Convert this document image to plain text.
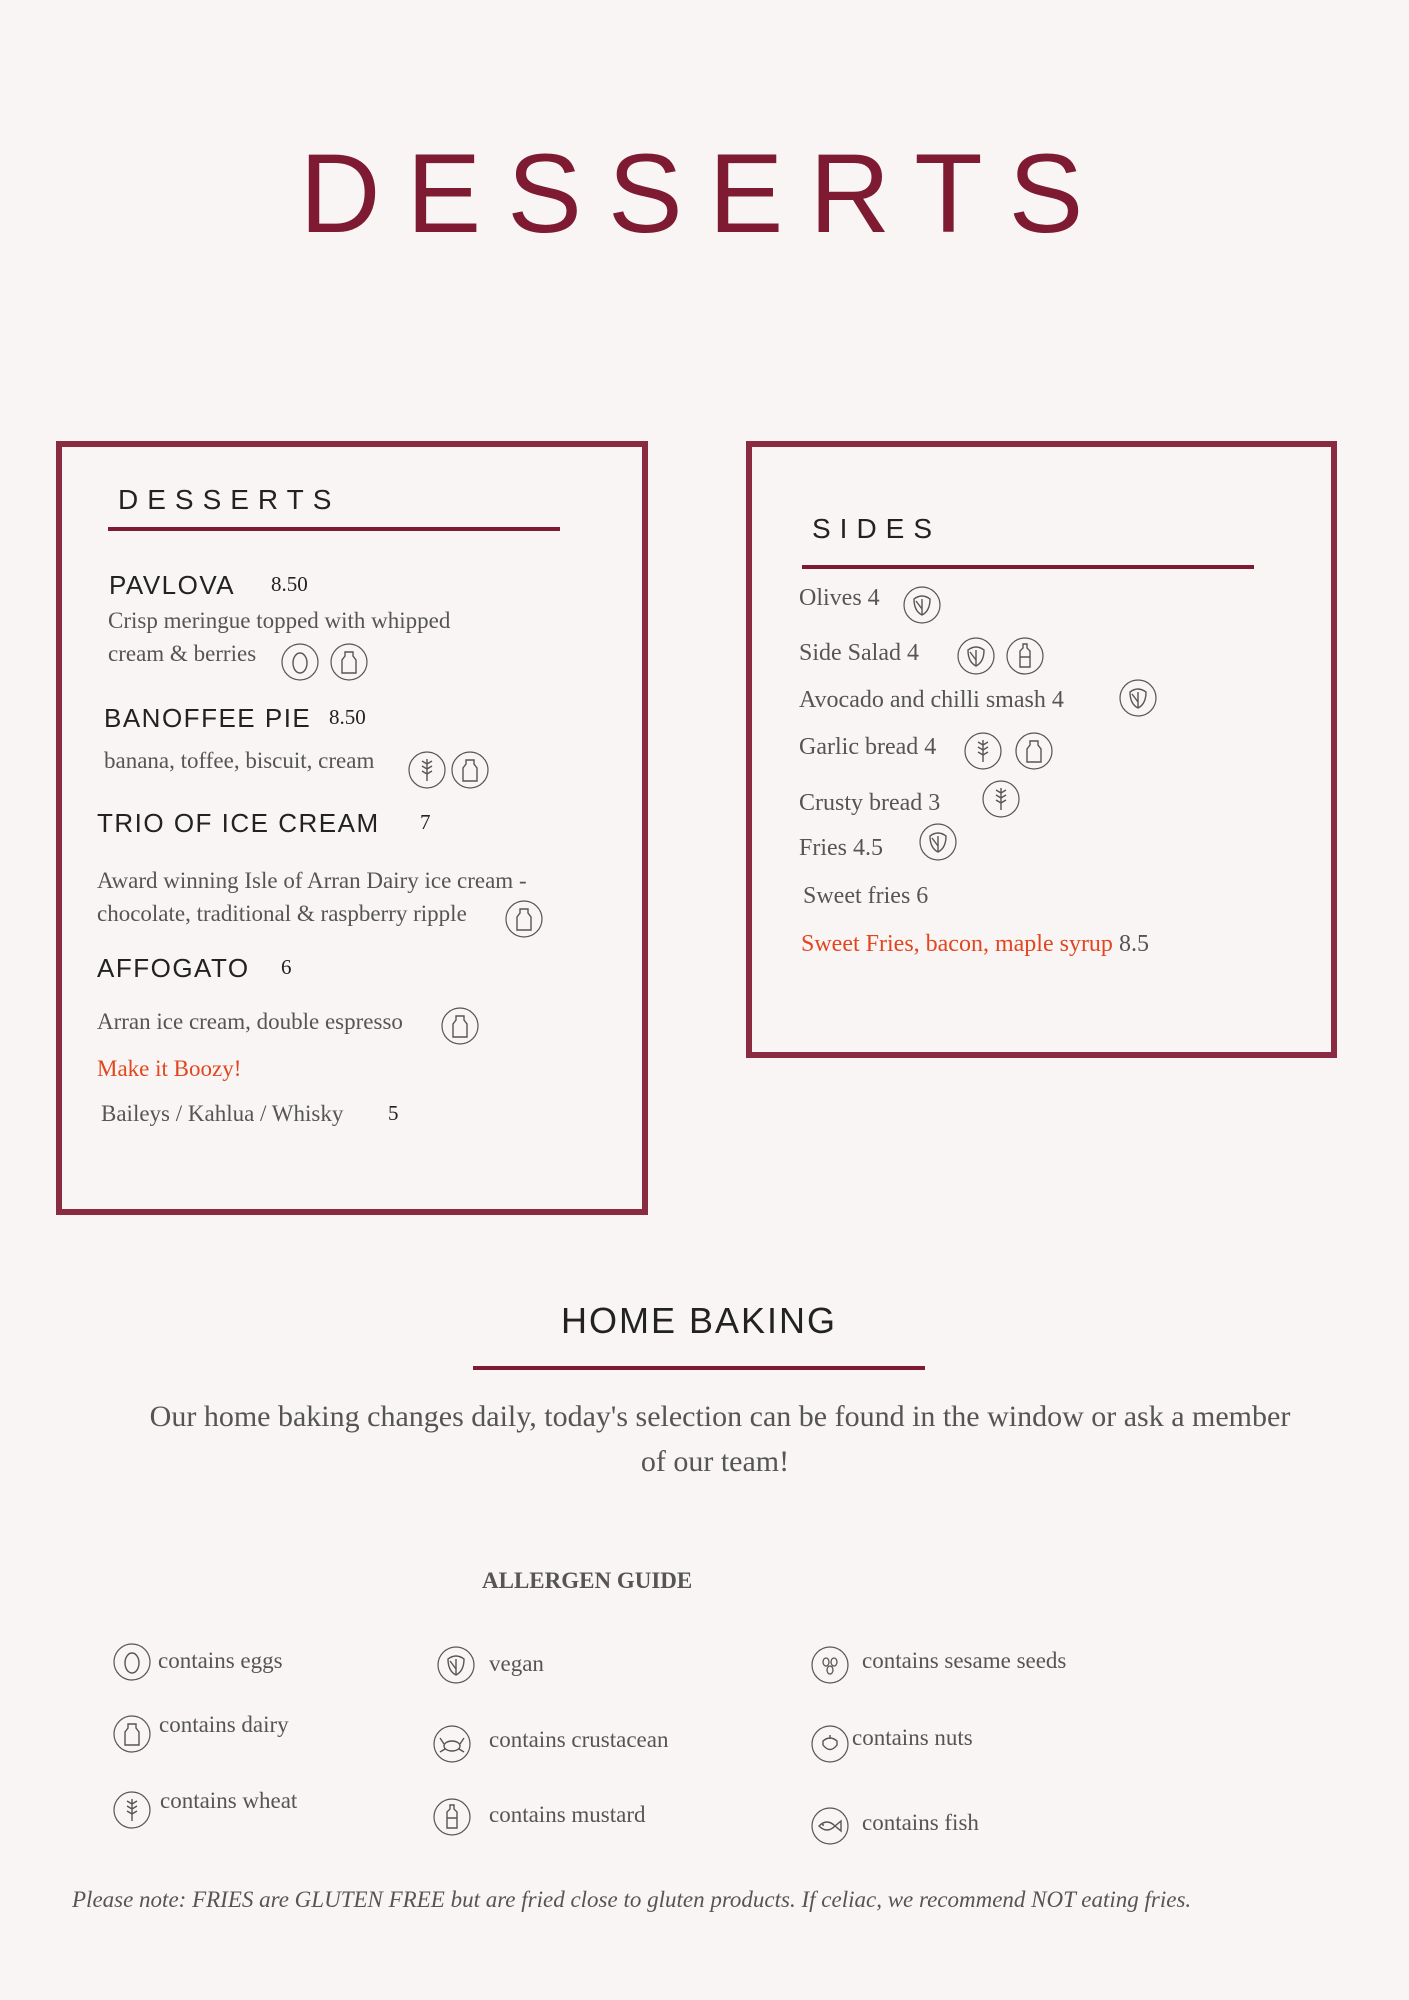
DESSERTS
DESSERTS
PAVLOVA 8.50
Crisp meringue topped with whipped
cream & berries
BANOFFEE PIE 8.50
banana, toffee, biscuit, cream
TRIO OF ICE CREAM 7
Award winning Isle of Arran Dairy ice cream -
chocolate, traditional & raspberry ripple
AFFOGATO 6
Arran ice cream, double espresso
Make it Boozy!
Baileys / Kahlua / Whisky 5
SIDES
Olives 4
Side Salad 4
Avocado and chilli smash 4
Garlic bread 4
Crusty bread 3
Fries 4.5
Sweet fries 6
Sweet Fries, bacon, maple syrup 8.5
HOME BAKING
Our home baking changes daily, today's selection can be found in the window or ask a member
of our team!
ALLERGEN GUIDE
contains eggs
contains dairy
contains wheat
vegan
contains crustacean
contains mustard
contains sesame seeds
contains nuts
contains fish
Please note: FRIES are GLUTEN FREE but are fried close to gluten products. If celiac, we recommend NOT eating fries.
